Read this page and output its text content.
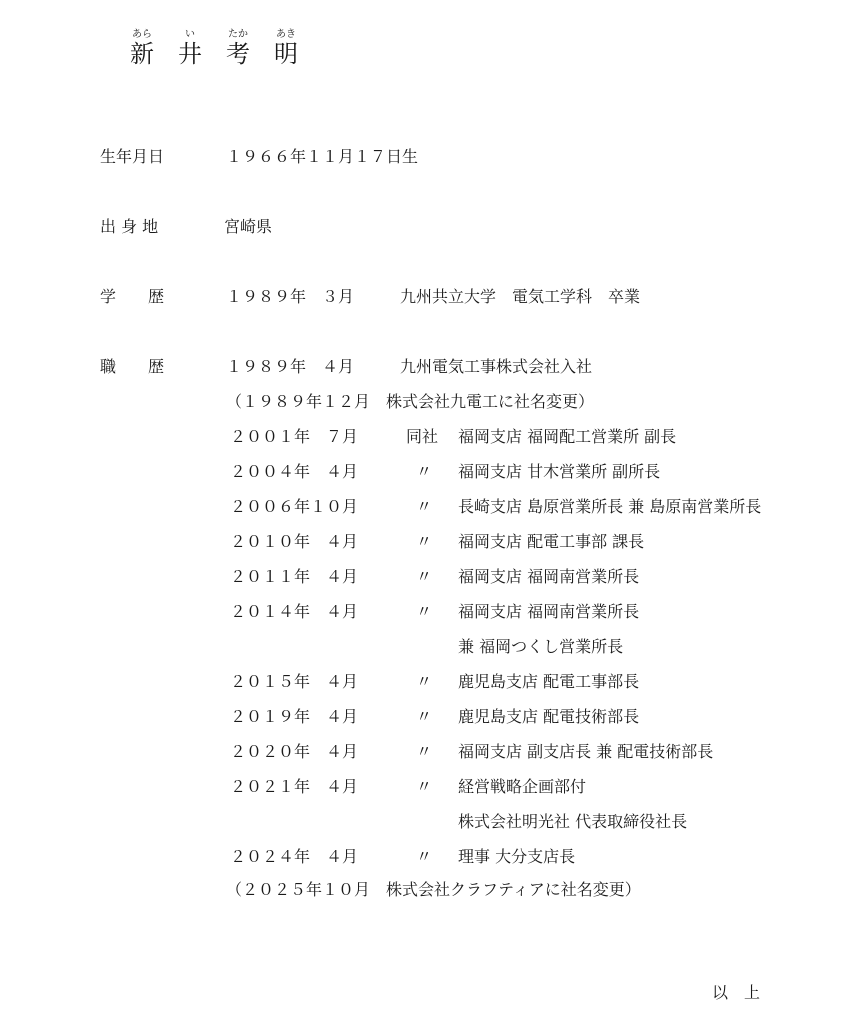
あら
新
い
井
たか
考
あき
明
生年月日	１９６６年１１月１７日生
出 身 地	宮崎県
学　　歴	１９８９年　３月	九州共立大学　電気工学科　卒業
職　　歴	１９８９年　４月	九州電気工事株式会社入社
（１９８９年１２月　株式会社九電工に社名変更）
２００１年　７月	同社 福岡支店 福岡配工営業所 副長
２００４年　４月	〃 福岡支店 甘木営業所 副所長
２００６年１０月	〃 長崎支店 島原営業所長 兼 島原南営業所長
２０１０年　４月	〃 福岡支店 配電工事部 課長
２０１１年　４月	〃 福岡支店 福岡南営業所長
２０１４年　４月	〃 福岡支店 福岡南営業所長
兼 福岡つくし営業所長
２０１５年　４月	〃 鹿児島支店 配電工事部長
２０１９年　４月	〃 鹿児島支店 配電技術部長
２０２０年　４月	〃 福岡支店 副支店長 兼 配電技術部長
２０２１年　４月	〃 経営戦略企画部付
株式会社明光社 代表取締役社長
２０２４年　４月	〃 理事 大分支店長
（２０２５年１０月　株式会社クラフティアに社名変更）
以　上
